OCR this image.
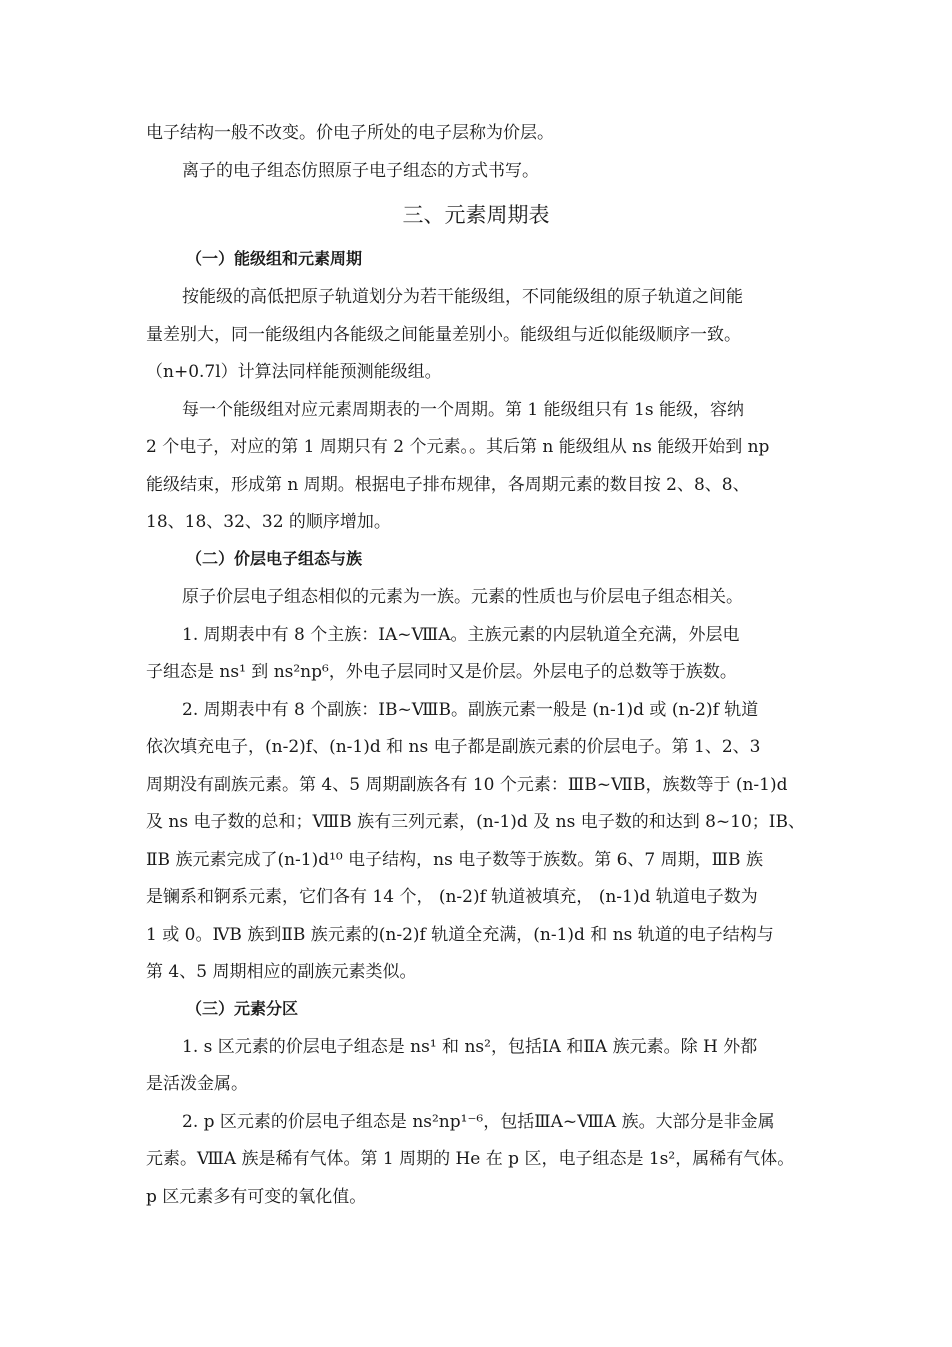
电子结构一般不改变。价电子所处的电子层称为价层。
离子的电子组态仿照原子电子组态的方式书写。
三、元素周期表
（一）能级组和元素周期
按能级的高低把原子轨道划分为若干能级组，不同能级组的原子轨道之间能
量差别大，同一能级组内各能级之间能量差别小。能级组与近似能级顺序一致。
（n+0.7l）计算法同样能预测能级组。
每一个能级组对应元素周期表的一个周期。第 1 能级组只有 1s 能级，容纳
2 个电子，对应的第 1 周期只有 2 个元素。。其后第 n 能级组从 ns 能级开始到 np
能级结束，形成第 n 周期。根据电子排布规律，各周期元素的数目按 2、8、8、
18、18、32、32 的顺序增加。
（二）价层电子组态与族
原子价层电子组态相似的元素为一族。元素的性质也与价层电子组态相关。
1. 周期表中有 8 个主族：ⅠA~ⅧA。主族元素的内层轨道全充满，外层电
子组态是 ns¹ 到 ns²np⁶，外电子层同时又是价层。外层电子的总数等于族数。
2. 周期表中有 8 个副族：ⅠB~ⅧB。副族元素一般是 (n-1)d 或 (n-2)f 轨道
依次填充电子，(n-2)f、(n-1)d 和 ns 电子都是副族元素的价层电子。第 1、2、3
周期没有副族元素。第 4、5 周期副族各有 10 个元素：ⅢB~ⅦB，族数等于 (n-1)d
及 ns 电子数的总和；ⅧB 族有三列元素，(n-1)d 及 ns 电子数的和达到 8~10；ⅠB、
ⅡB 族元素完成了(n-1)d¹⁰ 电子结构，ns 电子数等于族数。第 6、7 周期，ⅢB 族
是镧系和锕系元素，它们各有 14 个， (n-2)f 轨道被填充， (n-1)d 轨道电子数为
1 或 0。ⅣB 族到ⅡB 族元素的(n-2)f 轨道全充满，(n-1)d 和 ns 轨道的电子结构与
第 4、5 周期相应的副族元素类似。
（三）元素分区
1. s 区元素的价层电子组态是 ns¹ 和 ns²，包括ⅠA 和ⅡA 族元素。除 H 外都
是活泼金属。
2. p 区元素的价层电子组态是 ns²np¹⁻⁶，包括ⅢA~ⅧA 族。大部分是非金属
元素。ⅧA 族是稀有气体。第 1 周期的 He 在 p 区，电子组态是 1s²，属稀有气体。
p 区元素多有可变的氧化值。
